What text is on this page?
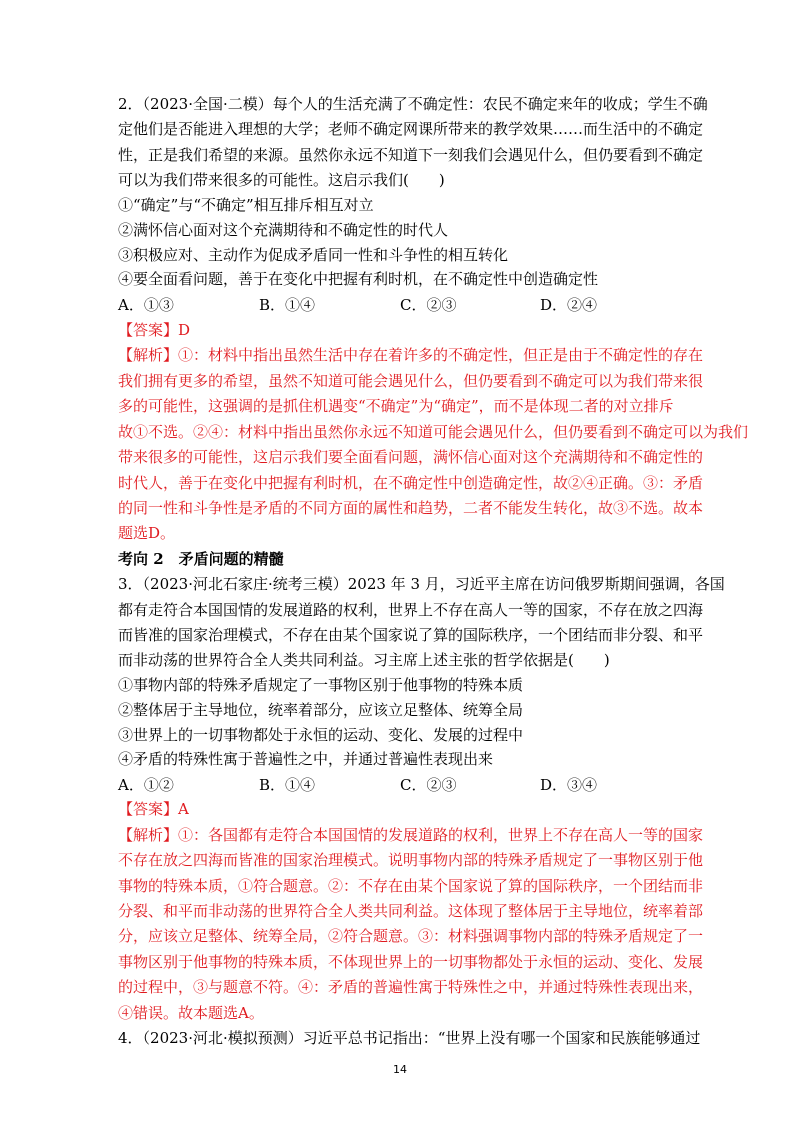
2．（2023·全国·二模）每个人的生活充满了不确定性：农民不确定来年的收成；学生不确
定他们是否能进入理想的大学；老师不确定网课所带来的教学效果……而生活中的不确定
性，正是我们希望的来源。虽然你永远不知道下一刻我们会遇见什么，但仍要看到不确定
可以为我们带来很多的可能性。这启示我们(　　)
①“确定”与“不确定”相互排斥相互对立
②满怀信心面对这个充满期待和不确定性的时代人
③积极应对、主动作为促成矛盾同一性和斗争性的相互转化
④要全面看问题，善于在变化中把握有利时机，在不确定性中创造确定性
A．①③	B．①④	C．②③	D．②④
【答案】D
【解析】①：材料中指出虽然生活中存在着许多的不确定性，但正是由于不确定性的存在
我们拥有更多的希望，虽然不知道可能会遇见什么，但仍要看到不确定可以为我们带来很
多的可能性，这强调的是抓住机遇变“不确定”为“确定”，而不是体现二者的对立排斥
故①不选。②④：材料中指出虽然你永远不知道可能会遇见什么，但仍要看到不确定可以为我们
带来很多的可能性，这启示我们要全面看问题，满怀信心面对这个充满期待和不确定性的
时代人，善于在变化中把握有利时机，在不确定性中创造确定性，故②④正确。③：矛盾
的同一性和斗争性是矛盾的不同方面的属性和趋势，二者不能发生转化，故③不选。故本
题选D。
考向 2　矛盾问题的精髓
3．（2023·河北石家庄·统考三模）2023 年 3 月，习近平主席在访问俄罗斯期间强调，各国
都有走符合本国国情的发展道路的权利，世界上不存在高人一等的国家，不存在放之四海
而皆准的国家治理模式，不存在由某个国家说了算的国际秩序，一个团结而非分裂、和平
而非动荡的世界符合全人类共同利益。习主席上述主张的哲学依据是(　　)
①事物内部的特殊矛盾规定了一事物区别于他事物的特殊本质
②整体居于主导地位，统率着部分，应该立足整体、统筹全局
③世界上的一切事物都处于永恒的运动、变化、发展的过程中
④矛盾的特殊性寓于普遍性之中，并通过普遍性表现出来
A．①②	B．①④	C．②③	D．③④
【答案】A
【解析】①：各国都有走符合本国国情的发展道路的权利，世界上不存在高人一等的国家
不存在放之四海而皆准的国家治理模式。说明事物内部的特殊矛盾规定了一事物区别于他
事物的特殊本质，①符合题意。②：不存在由某个国家说了算的国际秩序，一个团结而非
分裂、和平而非动荡的世界符合全人类共同利益。这体现了整体居于主导地位，统率着部
分，应该立足整体、统筹全局，②符合题意。③：材料强调事物内部的特殊矛盾规定了一
事物区别于他事物的特殊本质，不体现世界上的一切事物都处于永恒的运动、变化、发展
的过程中，③与题意不符。④：矛盾的普遍性寓于特殊性之中，并通过特殊性表现出来，
④错误。故本题选A。
4．（2023·河北·模拟预测）习近平总书记指出：“世界上没有哪一个国家和民族能够通过
14
